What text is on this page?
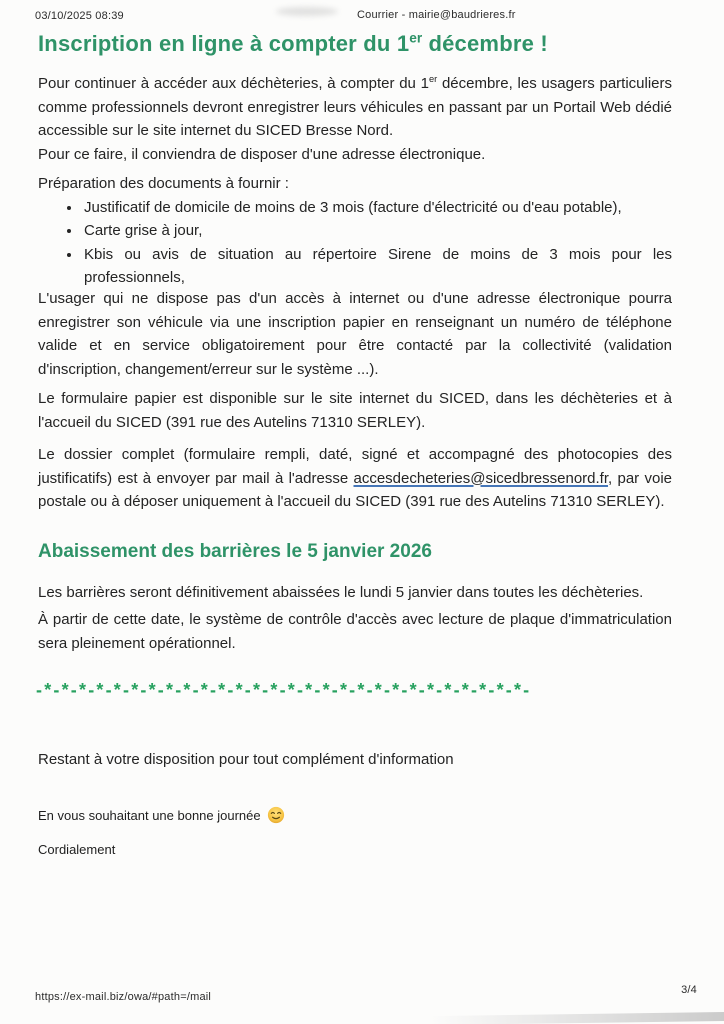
03/10/2025 08:39	Courrier - mairie@baudrieres.fr
Inscription en ligne à compter du 1er décembre !

Pour continuer à accéder aux déchèteries, à compter du 1er décembre, les usagers particuliers comme professionnels devront enregistrer leurs véhicules en passant par un Portail Web dédié accessible sur le site internet du SICED Bresse Nord.

Pour ce faire, il conviendra de disposer d'une adresse électronique.

Préparation des documents à fournir :

• Justificatif de domicile de moins de 3 mois (facture d'électricité ou d'eau potable),
• Carte grise à jour,
• Kbis ou avis de situation au répertoire Sirene de moins de 3 mois pour les professionnels,

L'usager qui ne dispose pas d'un accès à internet ou d'une adresse électronique pourra enregistrer son véhicule via une inscription papier en renseignant un numéro de téléphone valide et en service obligatoirement pour être contacté par la collectivité (validation d'inscription, changement/erreur sur le système ...).

Le formulaire papier est disponible sur le site internet du SICED, dans les déchèteries et à l'accueil du SICED (391 rue des Autelins 71310 SERLEY).

Le dossier complet (formulaire rempli, daté, signé et accompagné des photocopies des justificatifs) est à envoyer par mail à l'adresse accesdecheteries@sicedbressenord.fr, par voie postale ou à déposer uniquement à l'accueil du SICED (391 rue des Autelins 71310 SERLEY).

Abaissement des barrières le 5 janvier 2026

Les barrières seront définitivement abaissées le lundi 5 janvier dans toutes les déchèteries.

À partir de cette date, le système de contrôle d'accès avec lecture de plaque d'immatriculation sera pleinement opérationnel.

-*-*-*-*-*-*-*-*-*-*-*-*-*-*-*-*-*-*-*-*-*-*-*-*-*-*-*-*-
Restant à votre disposition pour tout complément d'information
En vous souhaitant une bonne journée
Cordialement
https://ex-mail.biz/owa/#path=/mail
3/4
